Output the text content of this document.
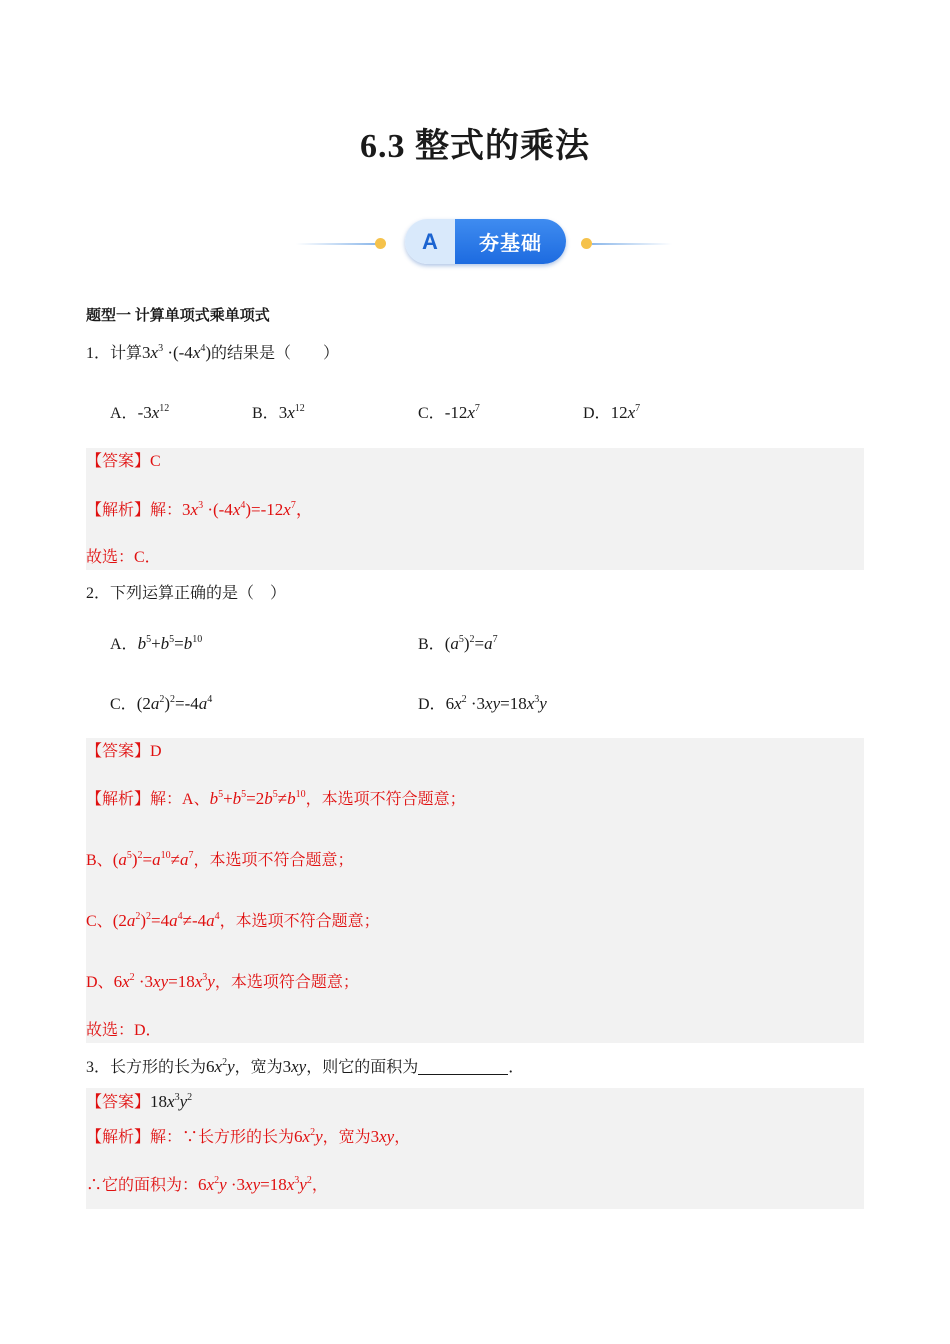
6.3 整式的乘法
A	夯基础
题型一 计算单项式乘单项式
1．计算$3x^3 \cdot(-4x^4)$的结果是（　　）
A．$-3x^{12}$	B．$3x^{12}$	C．$-12x^7$	D．$12x^7$
【答案】C
【解析】解：$3x^3 \cdot(-4x^4)=-12x^7$，
故选：C．
2．下列运算正确的是（　）
A．$b^5+b^5=b^{10}$	B．$(a^5)^2=a^7$
C．$(2a^2)^2=-4a^4$	D．$6x^2 \cdot 3xy=18x^3y$
【答案】D
【解析】解：A、$b^5+b^5=2b^5\ne b^{10}$，本选项不符合题意；
B、$(a^5)^2=a^{10}\ne a^7$，本选项不符合题意；
C、$(2a^2)^2=4a^4\ne-4a^4$，本选项不符合题意；
D、$6x^2 \cdot 3xy=18x^3y$，本选项符合题意；
故选：D．
3．长方形的长为$6x^2y$，宽为3xy，则它的面积为	．
【答案】$18x^3y^2$
【解析】解：∵长方形的长为$6x^2y$，宽为3xy，
∴它的面积为：$6x^2y \cdot 3xy=18x^3y^2$，
